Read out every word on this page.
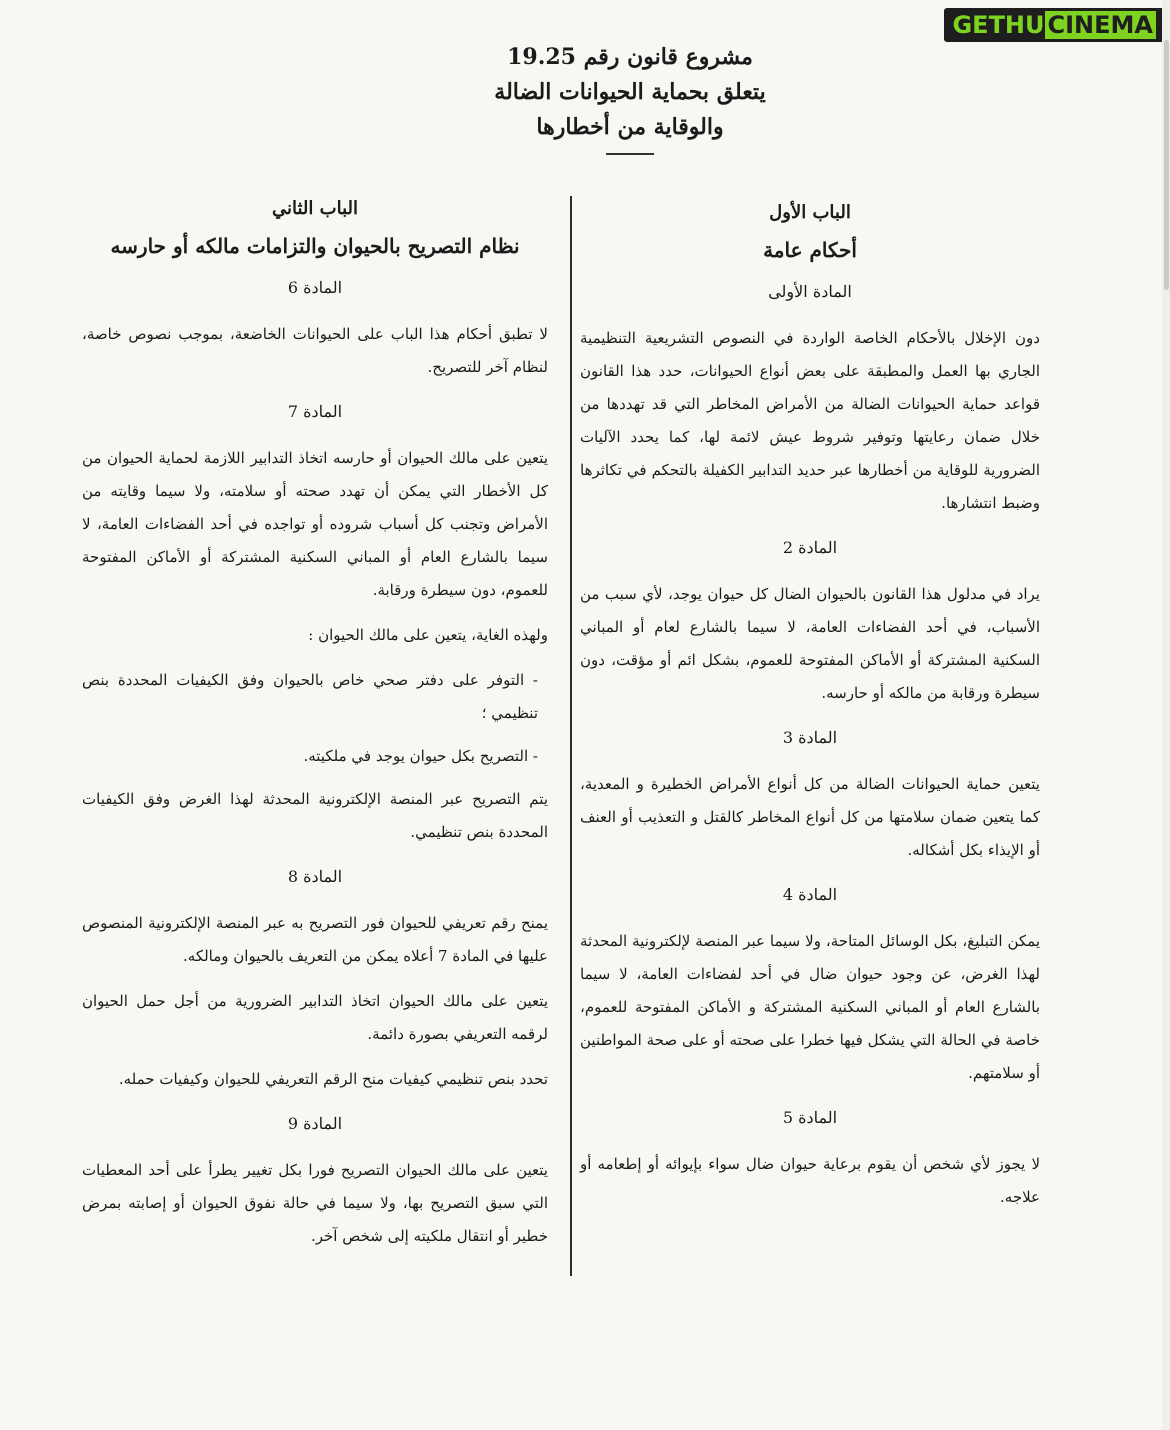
GETHU CINEMA
مشروع قانون رقم 19.25
يتعلق بحماية الحيوانات الضالة
والوقاية من أخطارها
الباب الأول
أحكام عامة
المادة الأولى

دون الإخلال بالأحكام الخاصة الواردة في النصوص التشريعية التنظيمية الجاري بها العمل والمطبقة على بعض أنواع الحيوانات، حدد هذا القانون قواعد حماية الحيوانات الضالة من الأمراض المخاطر التي قد تهددها من خلال ضمان رعايتها وتوفير شروط عيش لائمة لها، كما يحدد الآليات الضرورية للوقاية من أخطارها عبر حديد التدابير الكفيلة بالتحكم في تكاثرها وضبط انتشارها.

المادة 2

يراد في مدلول هذا القانون بالحيوان الضال كل حيوان يوجد، لأي سبب من الأسباب، في أحد الفضاءات العامة، لا سيما بالشارع لعام أو المباني السكنية المشتركة أو الأماكن المفتوحة للعموم، بشكل ائم أو مؤقت، دون سيطرة ورقابة من مالكه أو حارسه.

المادة 3

يتعين حماية الحيوانات الضالة من كل أنواع الأمراض الخطيرة و المعدية، كما يتعين ضمان سلامتها من كل أنواع المخاطر كالقتل و التعذيب أو العنف أو الإيذاء بكل أشكاله.

المادة 4

يمكن التبليغ، بكل الوسائل المتاحة، ولا سيما عبر المنصة لإلكترونية المحدثة لهذا الغرض، عن وجود حيوان ضال في أحد لفضاءات العامة، لا سيما بالشارع العام أو المباني السكنية المشتركة و الأماكن المفتوحة للعموم، خاصة في الحالة التي يشكل فيها خطرا على صحته أو على صحة المواطنين أو سلامتهم.

المادة 5

لا يجوز لأي شخص أن يقوم برعاية حيوان ضال سواء بإيوائه أو إطعامه أو علاجه.

الباب الثاني
نظام التصريح بالحيوان والتزامات مالكه أو حارسه
المادة 6

لا تطبق أحكام هذا الباب على الحيوانات الخاضعة، بموجب نصوص خاصة، لنظام آخر للتصريح.

المادة 7

يتعين على مالك الحيوان أو حارسه اتخاذ التدابير اللازمة لحماية الحيوان من كل الأخطار التي يمكن أن تهدد صحته أو سلامته، ولا سيما وقايته من الأمراض وتجنب كل أسباب شروده أو تواجده في أحد الفضاءات العامة، لا سيما بالشارع العام أو المباني السكنية المشتركة أو الأماكن المفتوحة للعموم، دون سيطرة ورقابة.

ولهذه الغاية، يتعين على مالك الحيوان :

- التوفر على دفتر صحي خاص بالحيوان وفق الكيفيات المحددة بنص تنظيمي ؛

- التصريح بكل حيوان يوجد في ملكيته.

يتم التصريح عبر المنصة الإلكترونية المحدثة لهذا الغرض وفق الكيفيات المحددة بنص تنظيمي.

المادة 8

يمنح رقم تعريفي للحيوان فور التصريح به عبر المنصة الإلكترونية المنصوص عليها في المادة 7 أعلاه يمكن من التعريف بالحيوان ومالكه.

يتعين على مالك الحيوان اتخاذ التدابير الضرورية من أجل حمل الحيوان لرقمه التعريفي بصورة دائمة.

تحدد بنص تنظيمي كيفيات منح الرقم التعريفي للحيوان وكيفيات حمله.

المادة 9

يتعين على مالك الحيوان التصريح فورا بكل تغيير يطرأ على أحد المعطيات التي سبق التصريح بها، ولا سيما في حالة نفوق الحيوان أو إصابته بمرض خطير أو انتقال ملكيته إلى شخص آخر.
